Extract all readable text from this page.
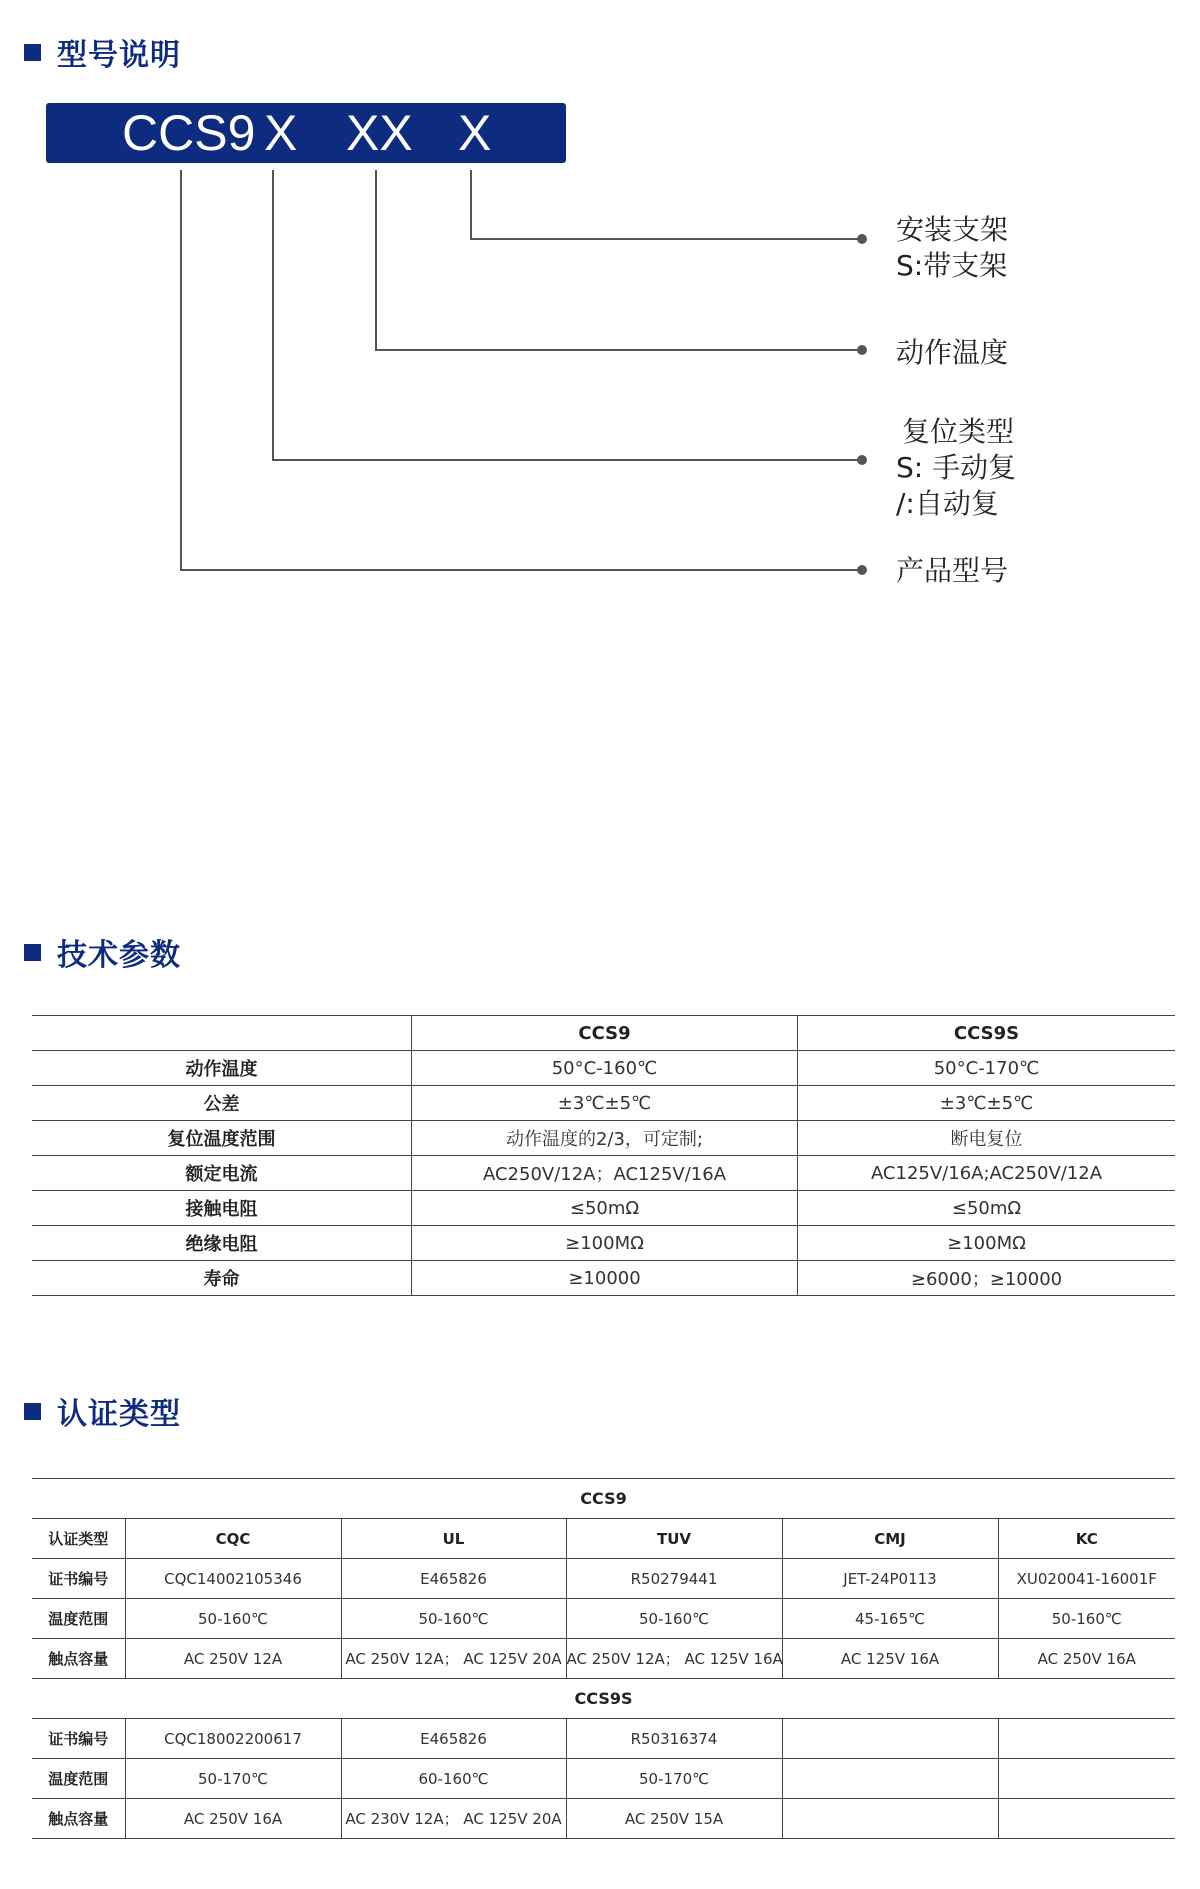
型号说明
CCS9 X XX X
安装支架
S:带支架
动作温度
复位类型
S: 手动复
/:自动复
产品型号
技术参数
	CCS9	CCS9S
动作温度	50°C-160℃	50°C-170℃
公差	±3℃±5℃	±3℃±5℃
复位温度范围	动作温度的2/3，可定制;	断电复位
额定电流	AC250V/12A；AC125V/16A	AC125V/16A;AC250V/12A
接触电阻	≤50mΩ	≤50mΩ
绝缘电阻	≥100MΩ	≥100MΩ
寿命	≥10000	≥6000；≥10000
认证类型
CCS9					
认证类型	CQC	UL	TUV	CMJ	KC
证书编号	CQC14002105346	E465826	R50279441	JET-24P0113	XU020041-16001F
温度范围	50-160℃	50-160℃	50-160℃	45-165℃	50-160℃
触点容量	AC 250V 12A	AC 250V 12A； AC 125V 20A	AC 250V 12A； AC 125V 16A	AC 125V 16A	AC 250V 16A
CCS9S					
证书编号	CQC18002200617	E465826	R50316374		
温度范围	50-170℃	60-160℃	50-170℃		
触点容量	AC 250V 16A	AC 230V 12A； AC 125V 20A	AC 250V 15A		
